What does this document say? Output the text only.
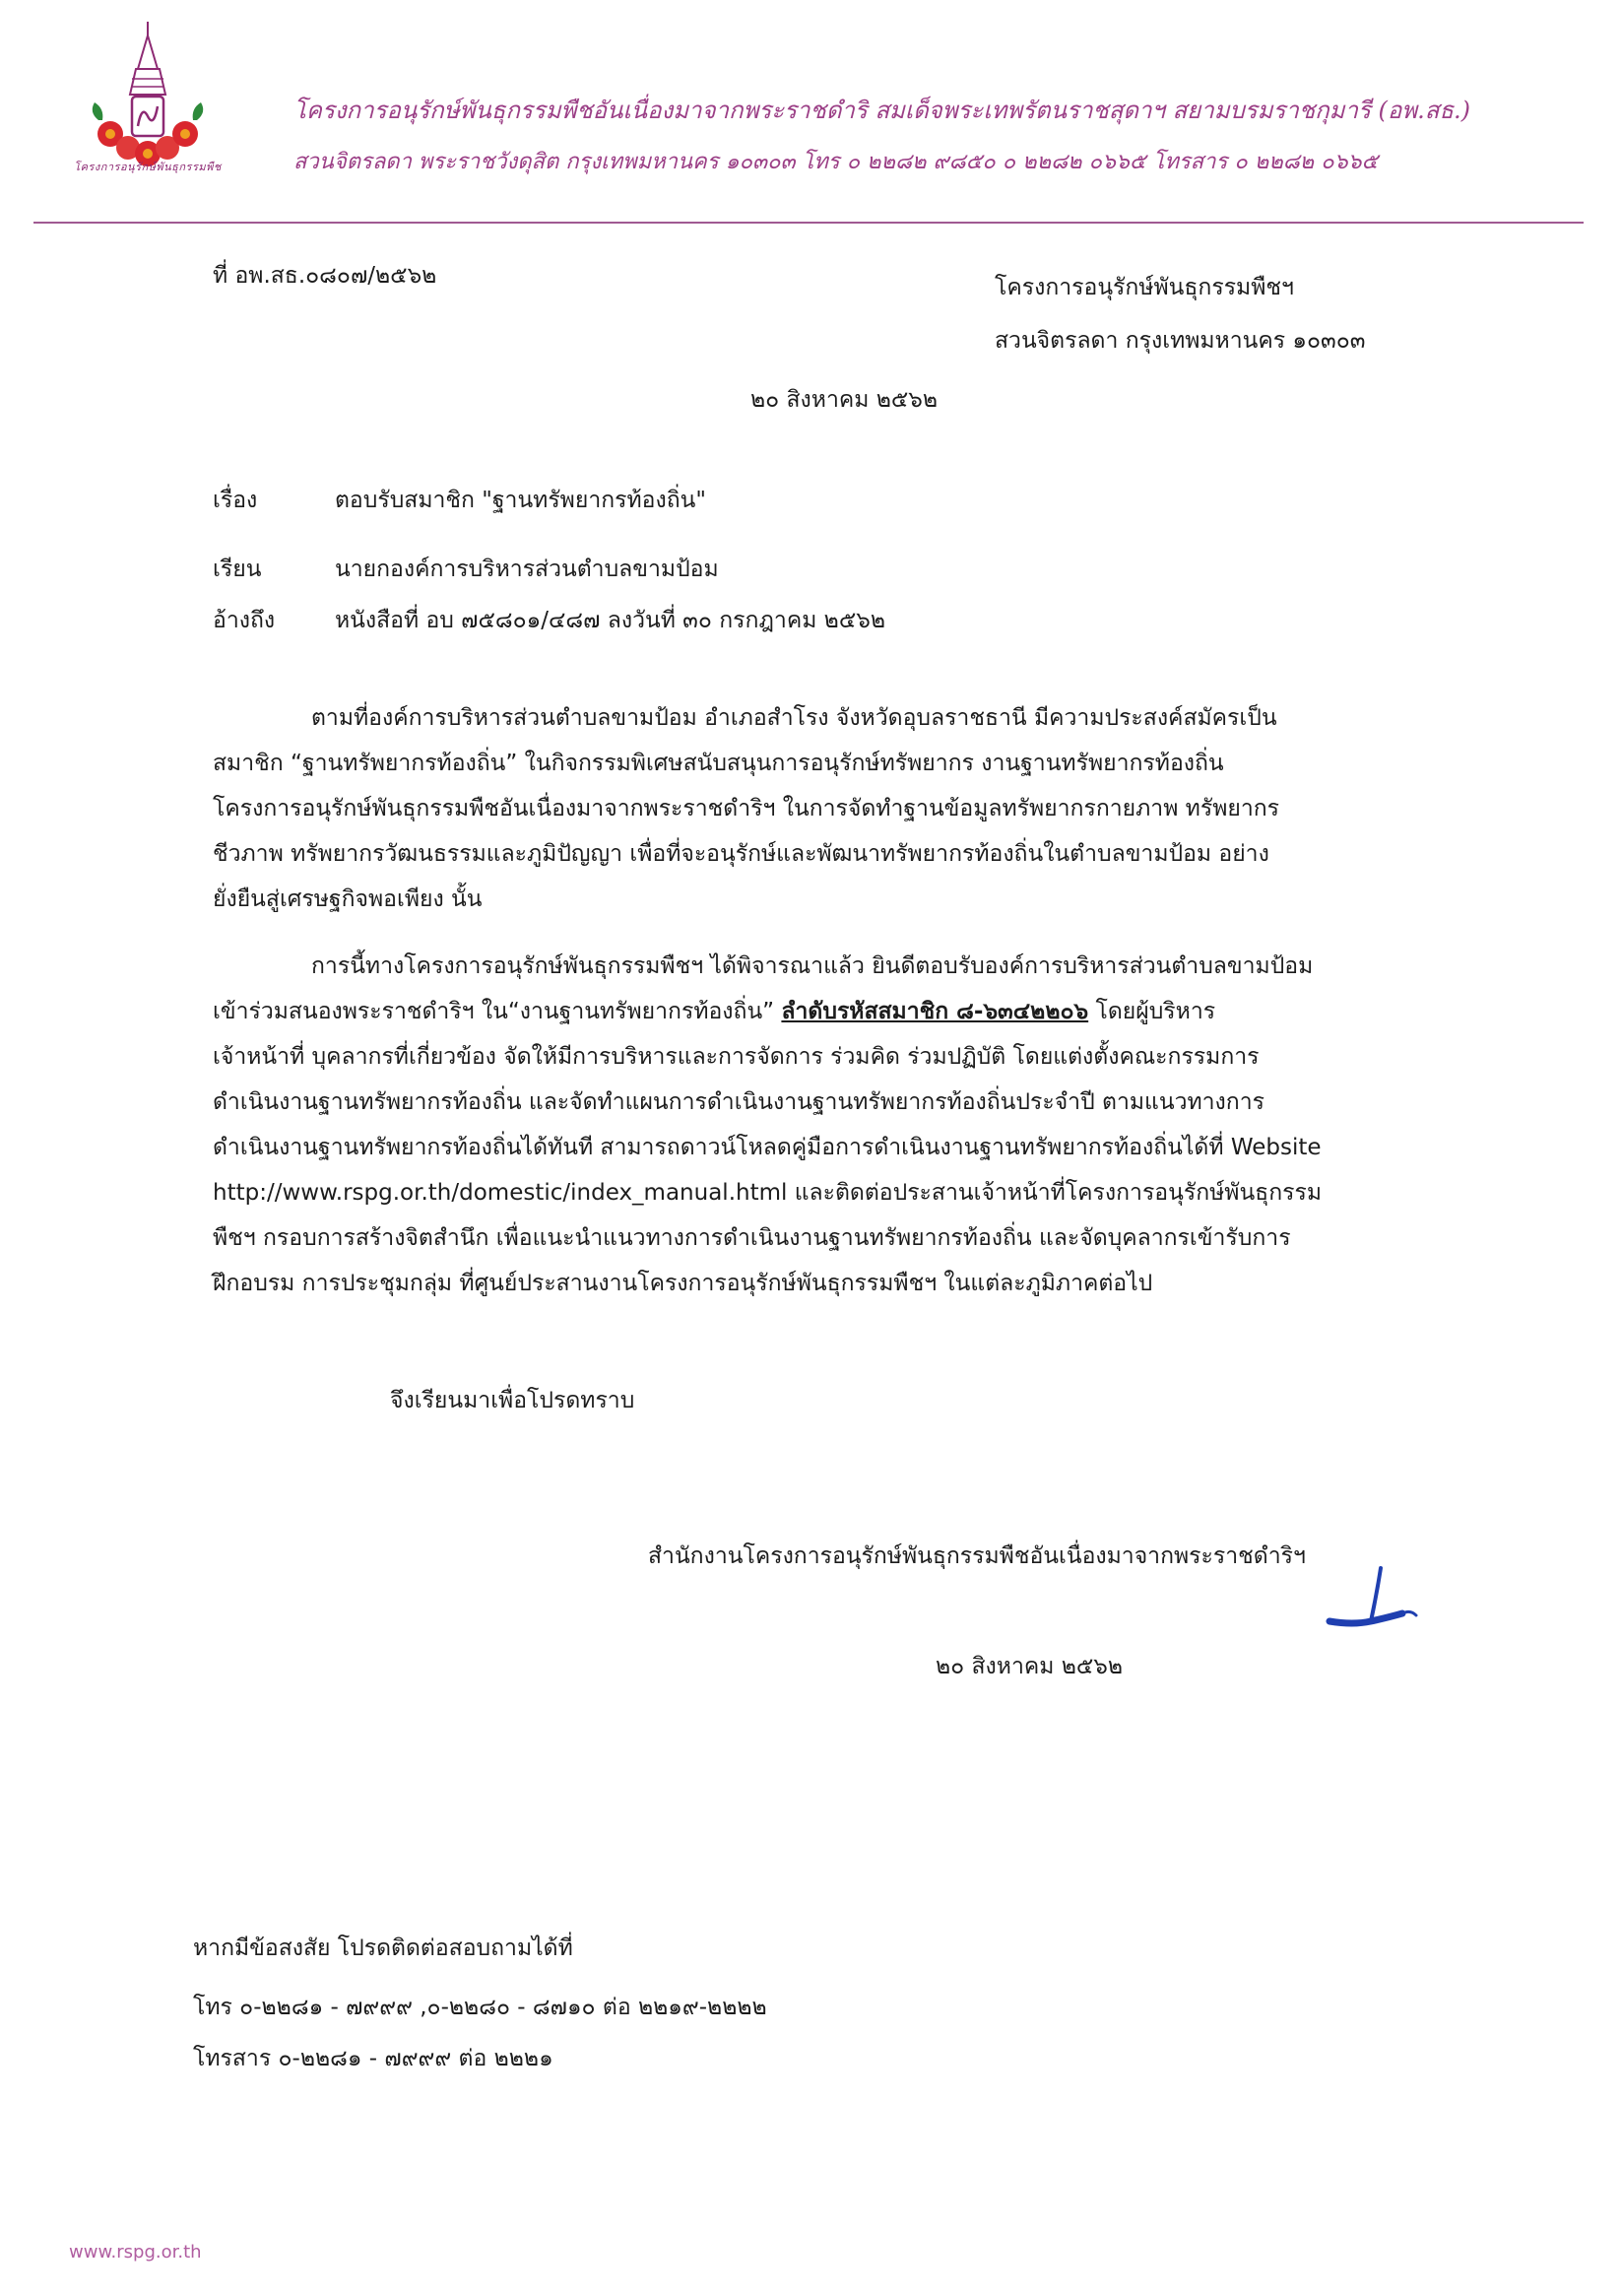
โครงการอนุรักษ์พันธุกรรมพืช
โครงการอนุรักษ์พันธุกรรมพืชอันเนื่องมาจากพระราชดำริ สมเด็จพระเทพรัตนราชสุดาฯ สยามบรมราชกุมารี (อพ.สธ.)
สวนจิตรลดา พระราชวังดุสิต กรุงเทพมหานคร ๑๐๓๐๓ โทร ๐ ๒๒๘๒ ๙๘๕๐ ๐ ๒๒๘๒ ๐๖๖๕ โทรสาร ๐ ๒๒๘๒ ๐๖๖๕
ที่ อพ.สธ.๐๘๐๗/๒๕๖๒	โครงการอนุรักษ์พันธุกรรมพืชฯ
สวนจิตรลดา กรุงเทพมหานคร ๑๐๓๐๓
๒๐ สิงหาคม ๒๕๖๒
เรื่อง	ตอบรับสมาชิก "ฐานทรัพยากรท้องถิ่น"
เรียน	นายกองค์การบริหารส่วนตำบลขามป้อม
อ้างถึง	หนังสือที่ อบ ๗๕๘๐๑/๔๘๗ ลงวันที่ ๓๐ กรกฎาคม ๒๕๖๒
ตามที่องค์การบริหารส่วนตำบลขามป้อม อำเภอสำโรง จังหวัดอุบลราชธานี มีความประสงค์สมัครเป็น
สมาชิก “ฐานทรัพยากรท้องถิ่น” ในกิจกรรมพิเศษสนับสนุนการอนุรักษ์ทรัพยากร งานฐานทรัพยากรท้องถิ่น
โครงการอนุรักษ์พันธุกรรมพืชอันเนื่องมาจากพระราชดำริฯ ในการจัดทำฐานข้อมูลทรัพยากรกายภาพ ทรัพยากร
ชีวภาพ ทรัพยากรวัฒนธรรมและภูมิปัญญา เพื่อที่จะอนุรักษ์และพัฒนาทรัพยากรท้องถิ่นในตำบลขามป้อม อย่าง
ยั่งยืนสู่เศรษฐกิจพอเพียง นั้น
การนี้ทางโครงการอนุรักษ์พันธุกรรมพืชฯ ได้พิจารณาแล้ว ยินดีตอบรับองค์การบริหารส่วนตำบลขามป้อม
เข้าร่วมสนองพระราชดำริฯ ใน“งานฐานทรัพยากรท้องถิ่น” ลำดับรหัสสมาชิก ๘-๖๓๔๒๒๐๖ โดยผู้บริหาร
เจ้าหน้าที่ บุคลากรที่เกี่ยวข้อง จัดให้มีการบริหารและการจัดการ ร่วมคิด ร่วมปฏิบัติ โดยแต่งตั้งคณะกรรมการ
ดำเนินงานฐานทรัพยากรท้องถิ่น และจัดทำแผนการดำเนินงานฐานทรัพยากรท้องถิ่นประจำปี ตามแนวทางการ
ดำเนินงานฐานทรัพยากรท้องถิ่นได้ทันที สามารถดาวน์โหลดคู่มือการดำเนินงานฐานทรัพยากรท้องถิ่นได้ที่ Website
http://www.rspg.or.th/domestic/index_manual.html และติดต่อประสานเจ้าหน้าที่โครงการอนุรักษ์พันธุกรรม
พืชฯ กรอบการสร้างจิตสำนึก เพื่อแนะนำแนวทางการดำเนินงานฐานทรัพยากรท้องถิ่น และจัดบุคลากรเข้ารับการ
ฝึกอบรม การประชุมกลุ่ม ที่ศูนย์ประสานงานโครงการอนุรักษ์พันธุกรรมพืชฯ ในแต่ละภูมิภาคต่อไป
จึงเรียนมาเพื่อโปรดทราบ
สำนักงานโครงการอนุรักษ์พันธุกรรมพืชอันเนื่องมาจากพระราชดำริฯ
๒๐ สิงหาคม ๒๕๖๒
หากมีข้อสงสัย โปรดติดต่อสอบถามได้ที่
โทร ๐-๒๒๘๑ - ๗๙๙๙ ,๐-๒๒๘๐ - ๘๗๑๐ ต่อ ๒๒๑๙-๒๒๒๒
โทรสาร ๐-๒๒๘๑ - ๗๙๙๙ ต่อ ๒๒๒๑
www.rspg.or.th
